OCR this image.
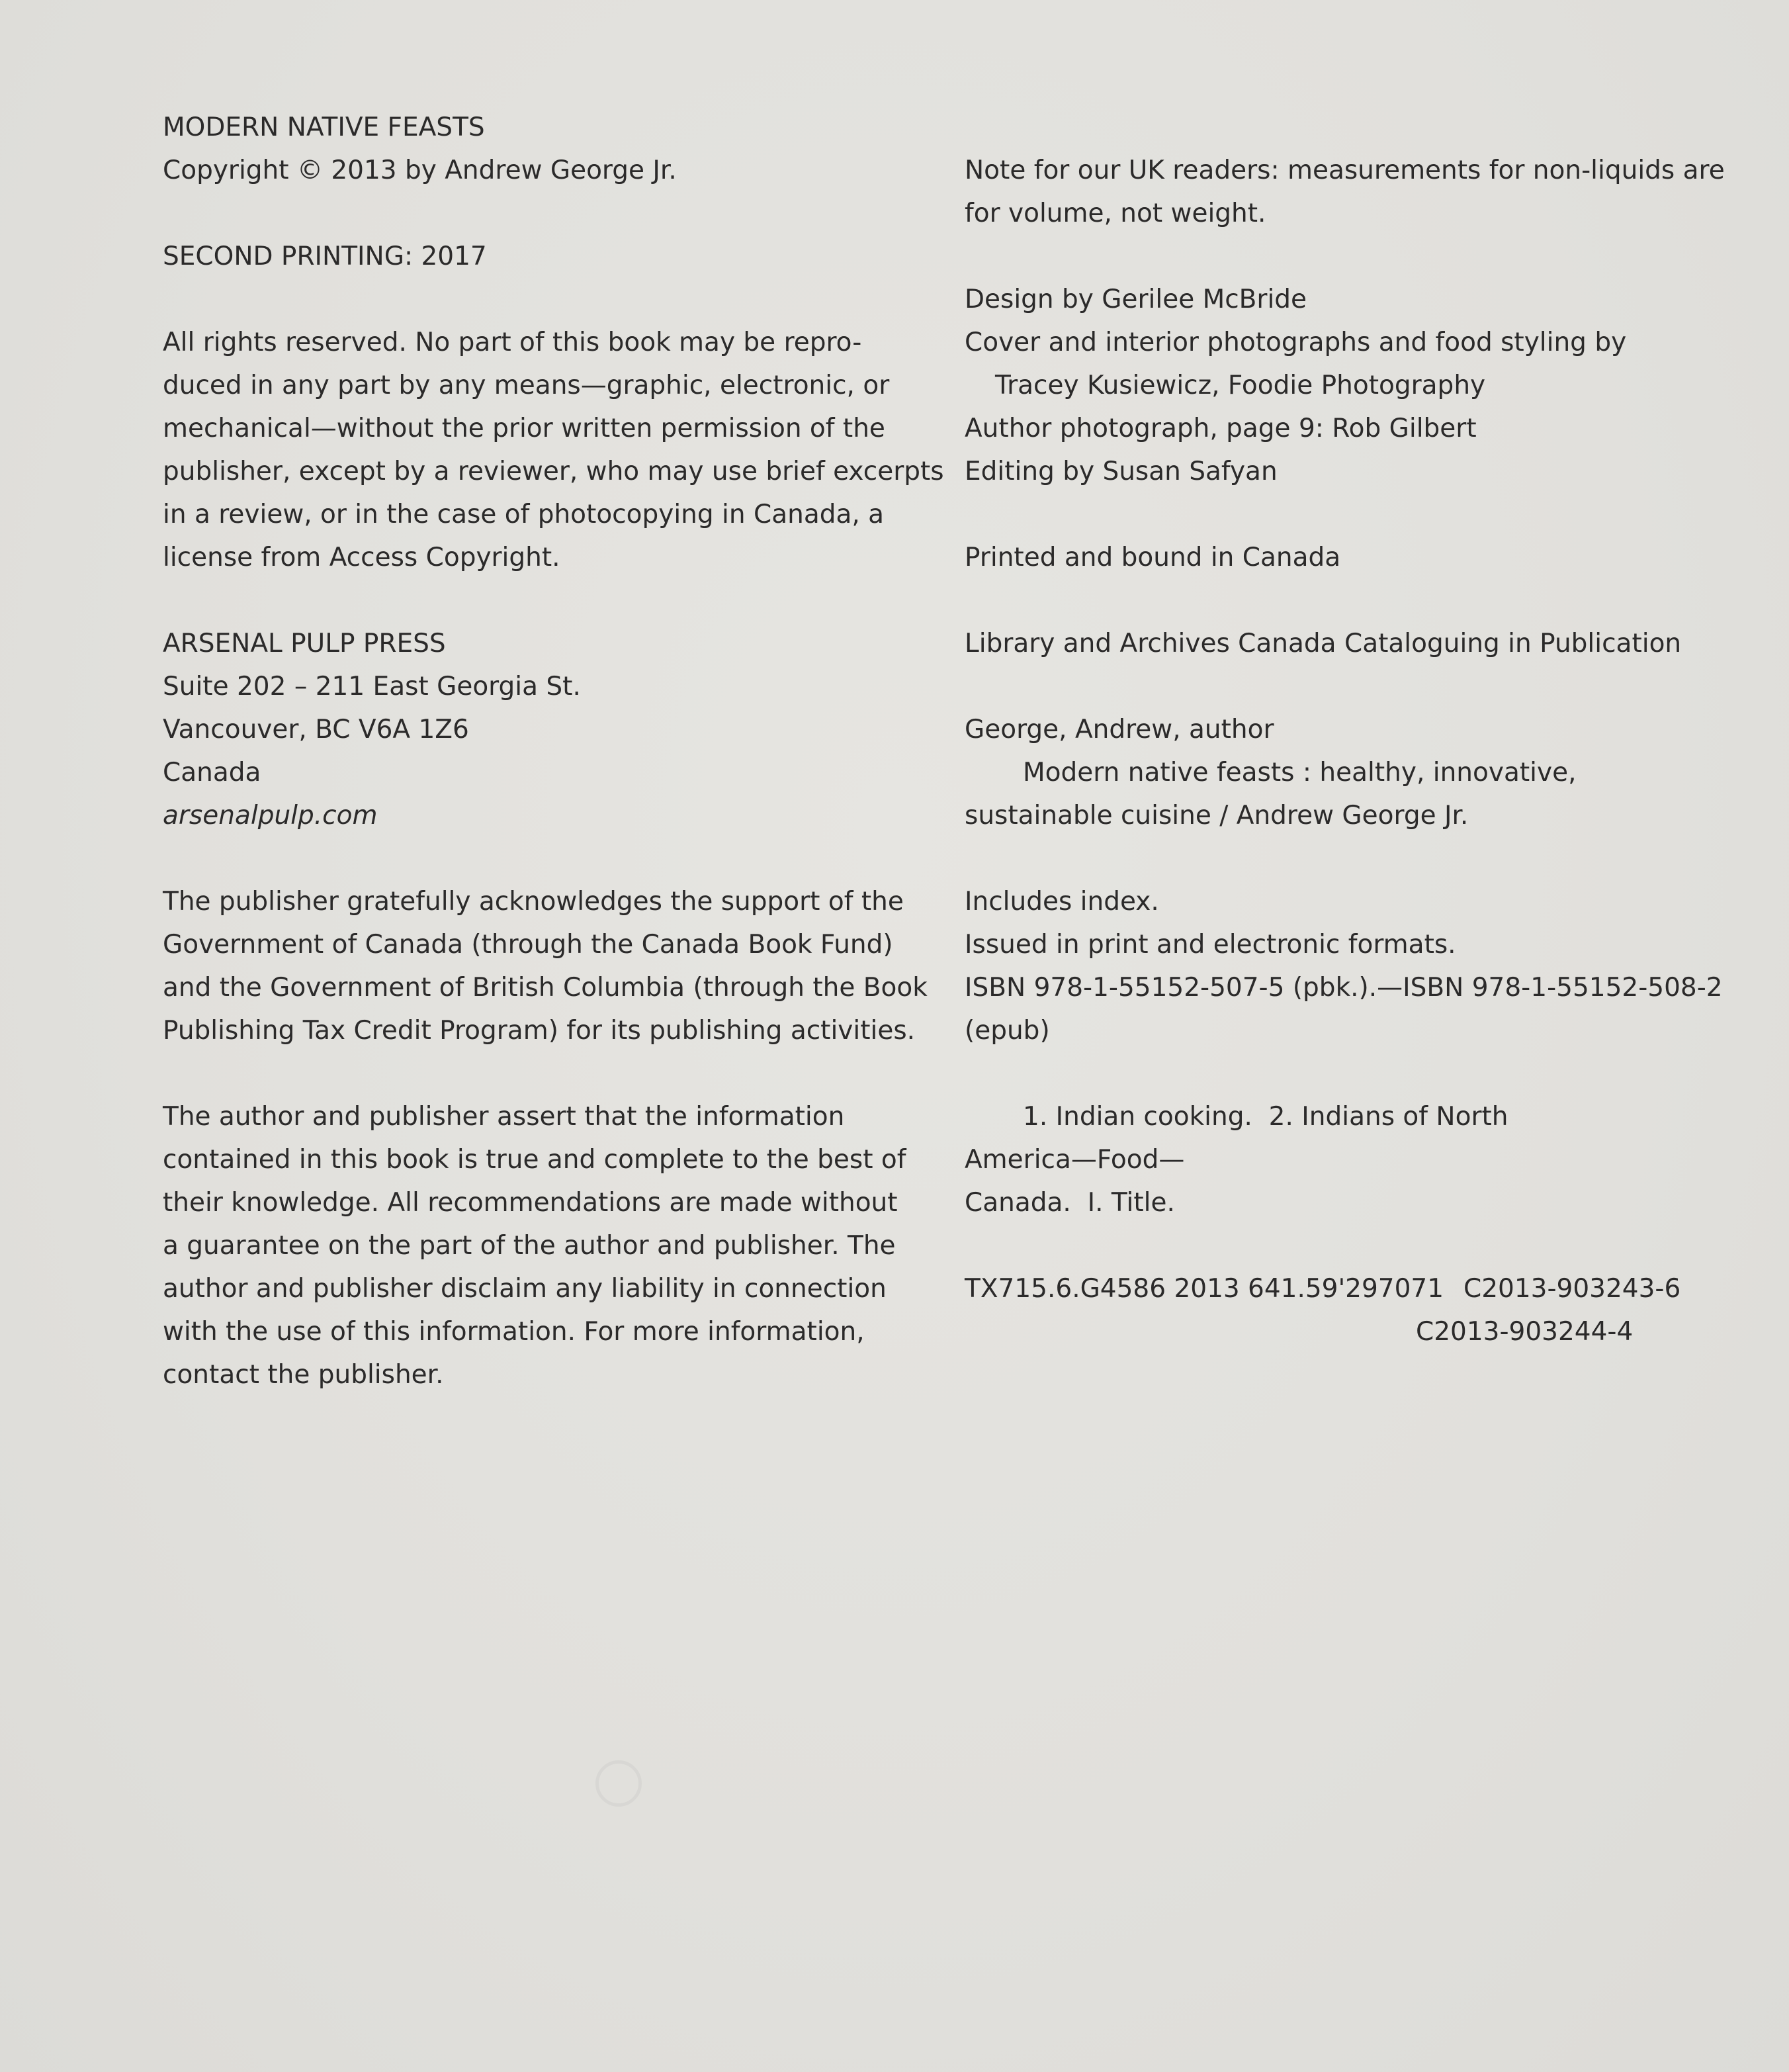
MODERN NATIVE FEASTS
Copyright © 2013 by Andrew George Jr.
SECOND PRINTING: 2017
All rights reserved. No part of this book may be repro-
duced in any part by any means—graphic, electronic, or
mechanical—without the prior written permission of the
publisher, except by a reviewer, who may use brief excerpts
in a review, or in the case of photocopying in Canada, a
license from Access Copyright.
ARSENAL PULP PRESS
Suite 202 – 211 East Georgia St.
Vancouver, BC V6A 1Z6
Canada
arsenalpulp.com
The publisher gratefully acknowledges the support of the
Government of Canada (through the Canada Book Fund)
and the Government of British Columbia (through the Book
Publishing Tax Credit Program) for its publishing activities.
The author and publisher assert that the information
contained in this book is true and complete to the best of
their knowledge. All recommendations are made without
a guarantee on the part of the author and publisher. The
author and publisher disclaim any liability in connection
with the use of this information. For more information,
contact the publisher.
Note for our UK readers: measurements for non-liquids are
for volume, not weight.
Design by Gerilee McBride
Cover and interior photographs and food styling by
Tracey Kusiewicz, Foodie Photography
Author photograph, page 9: Rob Gilbert
Editing by Susan Safyan
Printed and bound in Canada
Library and Archives Canada Cataloguing in Publication
George, Andrew, author
Modern native feasts : healthy, innovative,
sustainable cuisine / Andrew George Jr.
Includes index.
Issued in print and electronic formats.
ISBN 978-1-55152-507-5 (pbk.).—ISBN 978-1-55152-508-2
(epub)
1. Indian cooking.  2. Indians of North
America—Food—
Canada.  I. Title.
TX715.6.G4586 2013 641.59'297071 C2013-903243-6
C2013-903244-4
